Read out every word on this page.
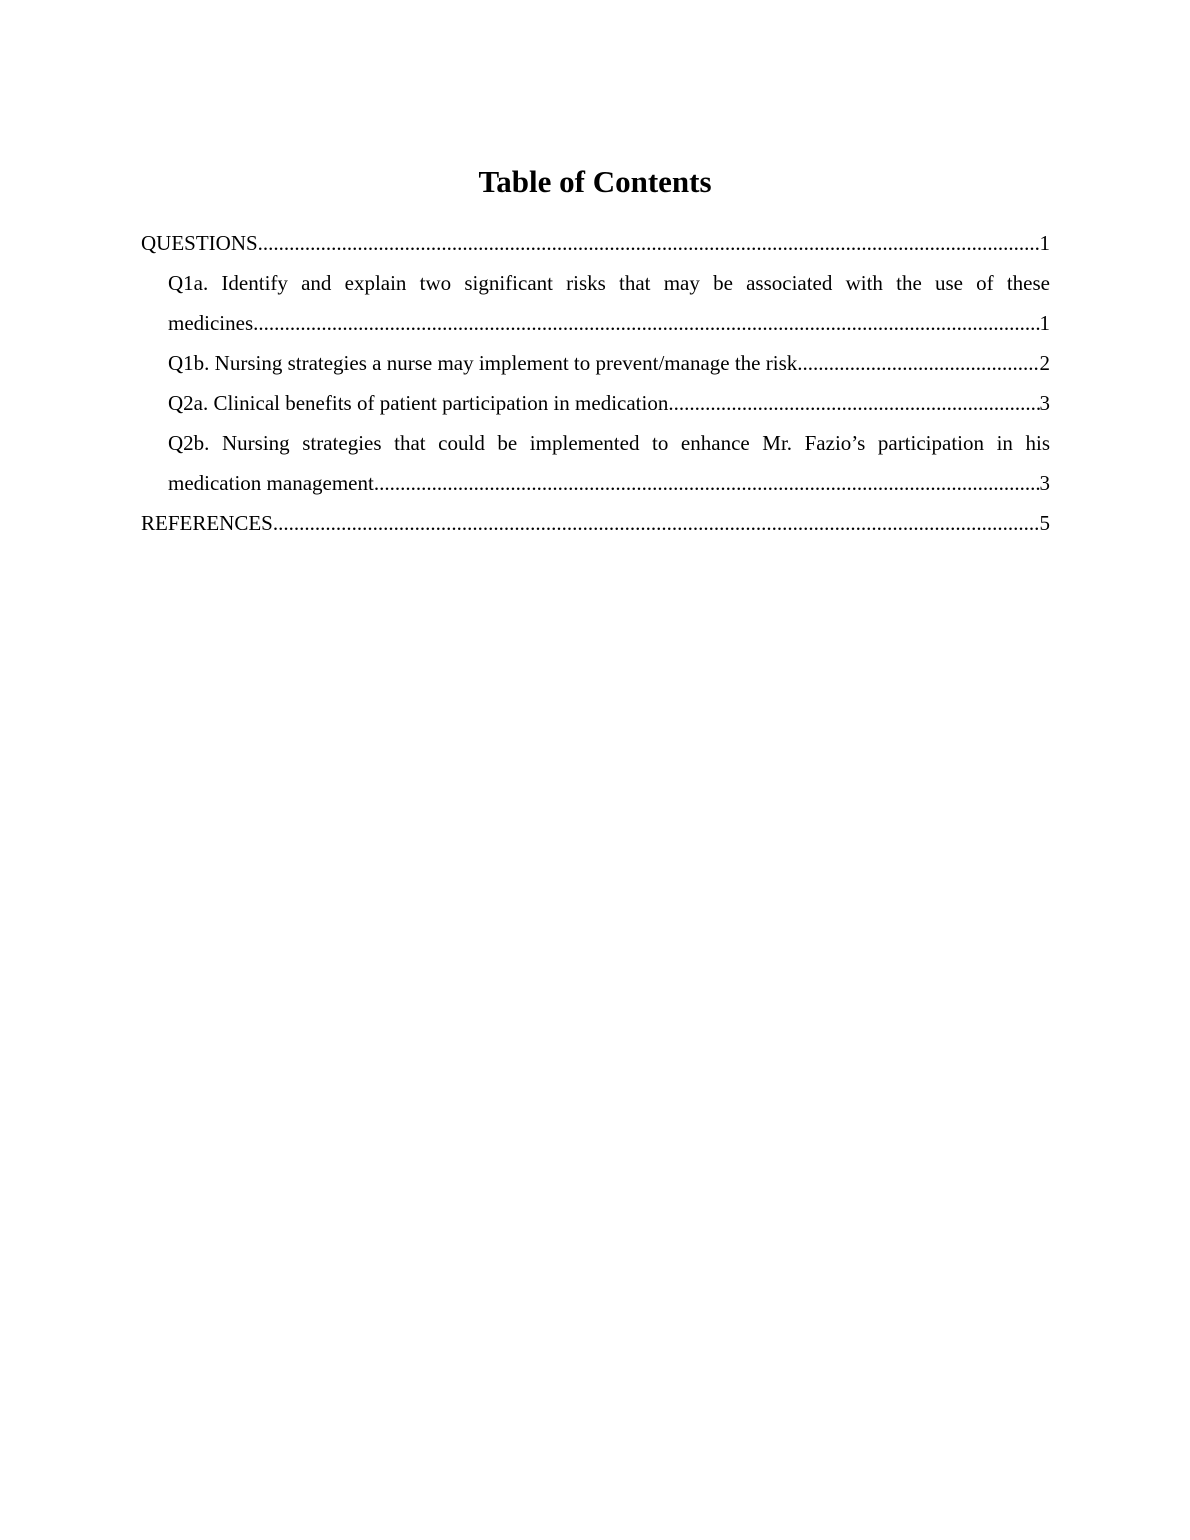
Table of Contents
QUESTIONS .....	1
Q1a. Identify and explain two significant risks that may be associated with the use of these
medicines .....	1
Q1b. Nursing strategies a nurse may implement to prevent/manage the risk .....	2
Q2a. Clinical benefits of patient participation in medication .....	3
Q2b. Nursing strategies that could be implemented to enhance Mr. Fazio’s participation in his
medication management .....	3
REFERENCES .....	5
